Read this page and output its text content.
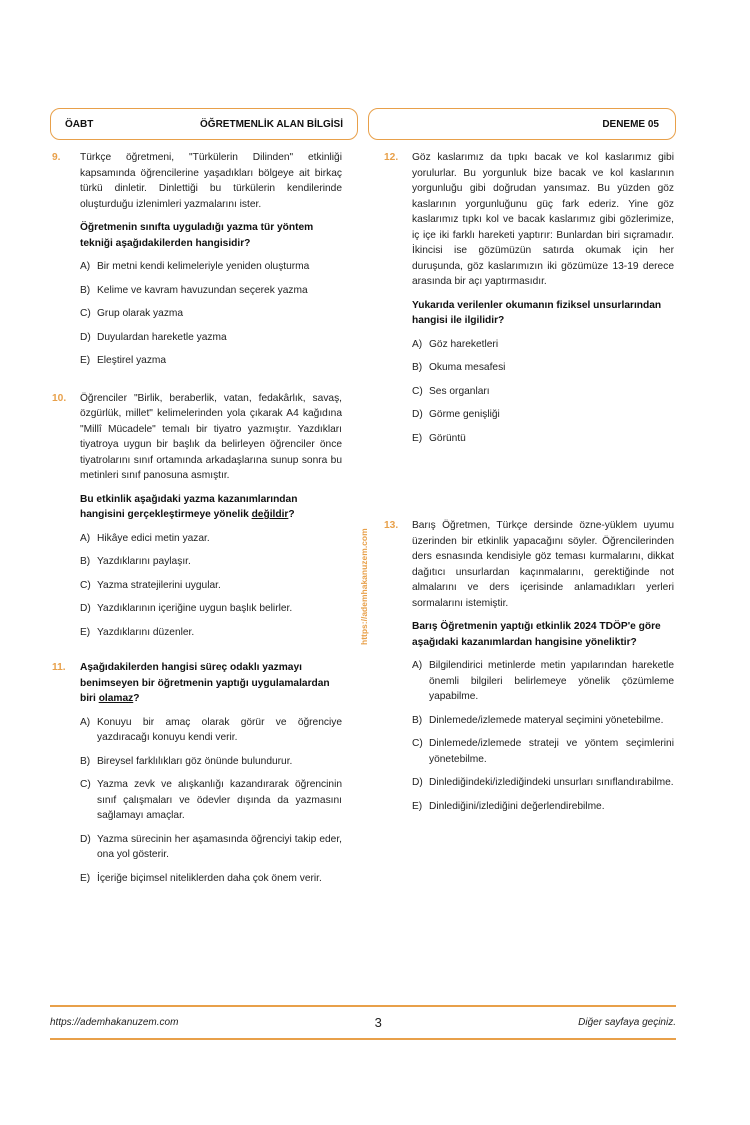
ÖABT	ÖĞRETMENLİK ALAN BİLGİSİ	DENEME 05
9. Türkçe öğretmeni, "Türkülerin Dilinden" etkinliği kapsamında öğrencilerine yaşadıkları bölgeye ait birkaç türkü dinletir. Dinlettiği bu türkülerin kendilerinde oluşturduğu izlenimleri yazmalarını ister.
Öğretmenin sınıfta uyguladığı yazma tür yöntem tekniği aşağıdakilerden hangisidir?
A) Bir metni kendi kelimeleriyle yeniden oluşturma
B) Kelime ve kavram havuzundan seçerek yazma
C) Grup olarak yazma
D) Duyulardan hareketle yazma
E) Eleştirel yazma
10. Öğrenciler "Birlik, beraberlik, vatan, fedakârlık, savaş, özgürlük, millet" kelimelerinden yola çıkarak A4 kağıdına "Millî Mücadele" temalı bir tiyatro yazmıştır. Yazdıkları tiyatroya uygun bir başlık da belirleyen öğrenciler önce tiyatrolarını sınıf ortamında arkadaşlarına sunup sonra bu metinleri sınıf panosuna asmıştır.
Bu etkinlik aşağıdaki yazma kazanımlarından hangisini gerçekleştirmeye yönelik değildir?
A) Hikâye edici metin yazar.
B) Yazdıklarını paylaşır.
C) Yazma stratejilerini uygular.
D) Yazdıklarının içeriğine uygun başlık belirler.
E) Yazdıklarını düzenler.
11. Aşağıdakilerden hangisi süreç odaklı yazmayı benimseyen bir öğretmenin yaptığı uygulamalardan biri olamaz?
A) Konuyu bir amaç olarak görür ve öğrenciye yazdıracağı konuyu kendi verir.
B) Bireysel farklılıkları göz önünde bulundurur.
C) Yazma zevk ve alışkanlığı kazandırarak öğrencinin sınıf çalışmaları ve ödevler dışında da yazmasını sağlamayı amaçlar.
D) Yazma sürecinin her aşamasında öğrenciyi takip eder, ona yol gösterir.
E) İçeriğe biçimsel niteliklerden daha çok önem verir.
https://ademhakanuzem.com
12. Göz kaslarımız da tıpkı bacak ve kol kaslarımız gibi yorulurlar. Bu yorgunluk bize bacak ve kol kaslarının yorgunluğu gibi doğrudan yansımaz. Bu yüzden göz kaslarının yorgunluğunu güç fark ederiz. Yine göz kaslarımız tıpkı kol ve bacak kaslarımız gibi gözlerimize, iç içe iki farklı hareketi yaptırır: Bunlardan biri sıçramadır. İkincisi ise gözümüzün satırda okumak için her duruşunda, göz kaslarımızın iki gözümüze 13-19 derece arasında bir açı yaptırmasıdır.
Yukarıda verilenler okumanın fiziksel unsurlarından hangisi ile ilgilidir?
A) Göz hareketleri
B) Okuma mesafesi
C) Ses organları
D) Görme genişliği
E) Görüntü
13. Barış Öğretmen, Türkçe dersinde özne-yüklem uyumu üzerinden bir etkinlik yapacağını söyler. Öğrencilerinden ders esnasında kendisiyle göz teması kurmalarını, dikkat dağıtıcı unsurlardan kaçınmalarını, gerektiğinde not almalarını ve ders içerisinde anlamadıkları yerleri sormalarını istemiştir.
Barış Öğretmenin yaptığı etkinlik 2024 TDÖP'e göre aşağıdaki kazanımlardan hangisine yöneliktir?
A) Bilgilendirici metinlerde metin yapılarından hareketle önemli bilgileri belirlemeye yönelik çözümleme yapabilme.
B) Dinlemede/izlemede materyal seçimini yönetebilme.
C) Dinlemede/izlemede strateji ve yöntem seçimlerini yönetebilme.
D) Dinlediğindeki/izlediğindeki unsurları sınıflandırabilme.
E) Dinlediğini/izlediğini değerlendirebilme.
https://ademhakanuzem.com	3	Diğer sayfaya geçiniz.
